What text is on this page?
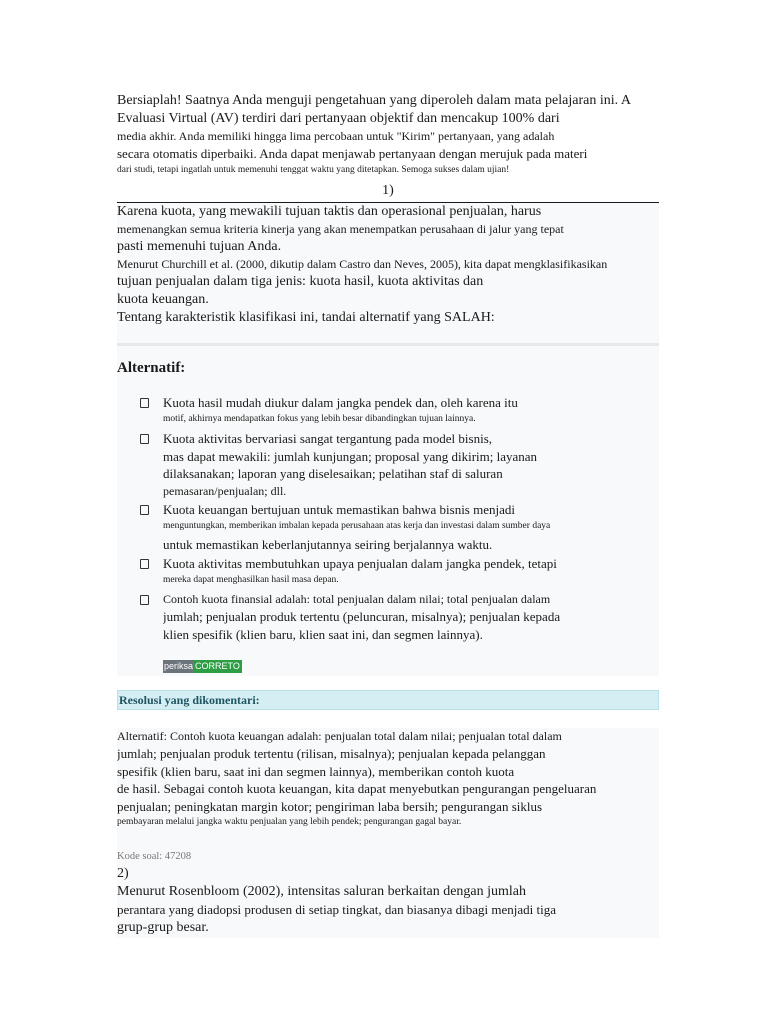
Bersiaplah! Saatnya Anda menguji pengetahuan yang diperoleh dalam mata pelajaran ini. A
Evaluasi Virtual (AV) terdiri dari pertanyaan objektif dan mencakup 100% dari
media akhir. Anda memiliki hingga lima percobaan untuk "Kirim" pertanyaan, yang adalah
secara otomatis diperbaiki. Anda dapat menjawab pertanyaan dengan merujuk pada materi
dari studi, tetapi ingatlah untuk memenuhi tenggat waktu yang ditetapkan. Semoga sukses dalam ujian!
1)
Karena kuota, yang mewakili tujuan taktis dan operasional penjualan, harus
memenangkan semua kriteria kinerja yang akan menempatkan perusahaan di jalur yang tepat
pasti memenuhi tujuan Anda.
Menurut Churchill et al. (2000, dikutip dalam Castro dan Neves, 2005), kita dapat mengklasifikasikan
tujuan penjualan dalam tiga jenis: kuota hasil, kuota aktivitas dan
kuota keuangan.
Tentang karakteristik klasifikasi ini, tandai alternatif yang SALAH:
Alternatif:
Kuota hasil mudah diukur dalam jangka pendek dan, oleh karena itu
motif, akhirnya mendapatkan fokus yang lebih besar dibandingkan tujuan lainnya.
Kuota aktivitas bervariasi sangat tergantung pada model bisnis,
mas dapat mewakili: jumlah kunjungan; proposal yang dikirim; layanan
dilaksanakan; laporan yang diselesaikan; pelatihan staf di saluran
pemasaran/penjualan; dll.
Kuota keuangan bertujuan untuk memastikan bahwa bisnis menjadi
menguntungkan, memberikan imbalan kepada perusahaan atas kerja dan investasi dalam sumber daya
untuk memastikan keberlanjutannya seiring berjalannya waktu.
Kuota aktivitas membutuhkan upaya penjualan dalam jangka pendek, tetapi
mereka dapat menghasilkan hasil masa depan.
Contoh kuota finansial adalah: total penjualan dalam nilai; total penjualan dalam
jumlah; penjualan produk tertentu (peluncuran, misalnya); penjualan kepada
klien spesifik (klien baru, klien saat ini, dan segmen lainnya).
periksa CORRETO
Resolusi yang dikomentari:
Alternatif: Contoh kuota keuangan adalah: penjualan total dalam nilai; penjualan total dalam
jumlah; penjualan produk tertentu (rilisan, misalnya); penjualan kepada pelanggan
spesifik (klien baru, saat ini dan segmen lainnya), memberikan contoh kuota
de hasil. Sebagai contoh kuota keuangan, kita dapat menyebutkan pengurangan pengeluaran
penjualan; peningkatan margin kotor; pengiriman laba bersih; pengurangan siklus
pembayaran melalui jangka waktu penjualan yang lebih pendek; pengurangan gagal bayar.
Kode soal: 47208
2)
Menurut Rosenbloom (2002), intensitas saluran berkaitan dengan jumlah
perantara yang diadopsi produsen di setiap tingkat, dan biasanya dibagi menjadi tiga
grup-grup besar.
